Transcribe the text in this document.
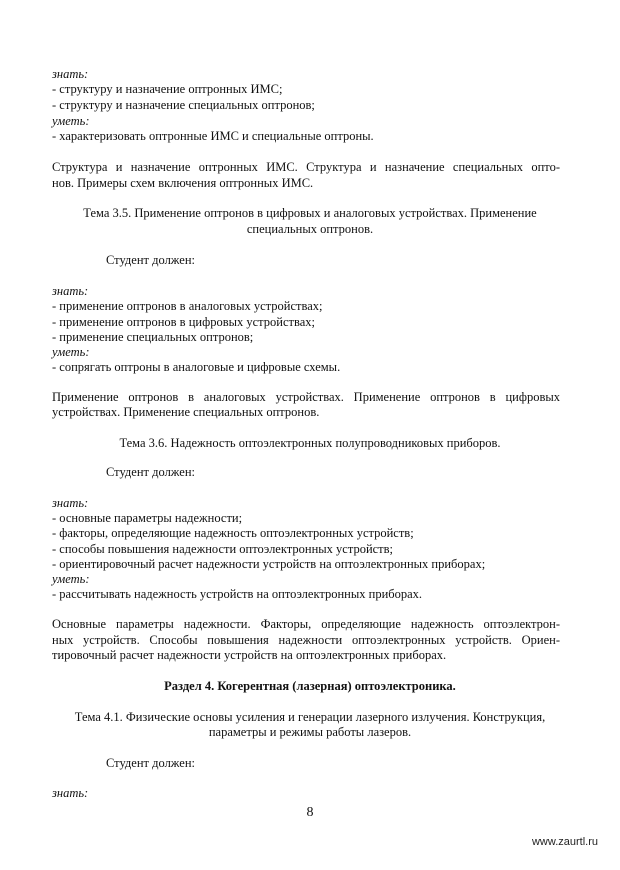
знать:
- структуру и назначение оптронных ИМС;
- структуру и назначение специальных оптронов;
уметь:
- характеризовать оптронные ИМС и специальные оптроны.
Структура и назначение оптронных ИМС. Структура и назначение специальных опто-
нов. Примеры схем включения оптронных ИМС.
Тема 3.5. Применение оптронов в цифровых и аналоговых устройствах. Применение
специальных оптронов.
Студент должен:
знать:
- применение оптронов в аналоговых устройствах;
- применение оптронов в цифровых устройствах;
- применение специальных оптронов;
уметь:
- сопрягать оптроны в аналоговые и цифровые схемы.
Применение оптронов в аналоговых устройствах. Применение оптронов в цифровых
устройствах. Применение специальных оптронов.
Тема 3.6. Надежность оптоэлектронных полупроводниковых приборов.
Студент должен:
знать:
- основные параметры надежности;
- факторы, определяющие надежность оптоэлектронных устройств;
- способы повышения надежности оптоэлектронных устройств;
- ориентировочный расчет надежности устройств на оптоэлектронных приборах;
уметь:
- рассчитывать надежность устройств на оптоэлектронных приборах.
Основные параметры надежности. Факторы, определяющие надежность оптоэлектрон-
ных устройств. Способы повышения надежности оптоэлектронных устройств. Ориен-
тировочный расчет надежности устройств на оптоэлектронных приборах.
Раздел 4. Когерентная (лазерная) оптоэлектроника.
Тема 4.1. Физические основы усиления и генерации лазерного излучения. Конструкция,
параметры и режимы работы лазеров.
Студент должен:
знать:
8
www.zaurtl.ru
